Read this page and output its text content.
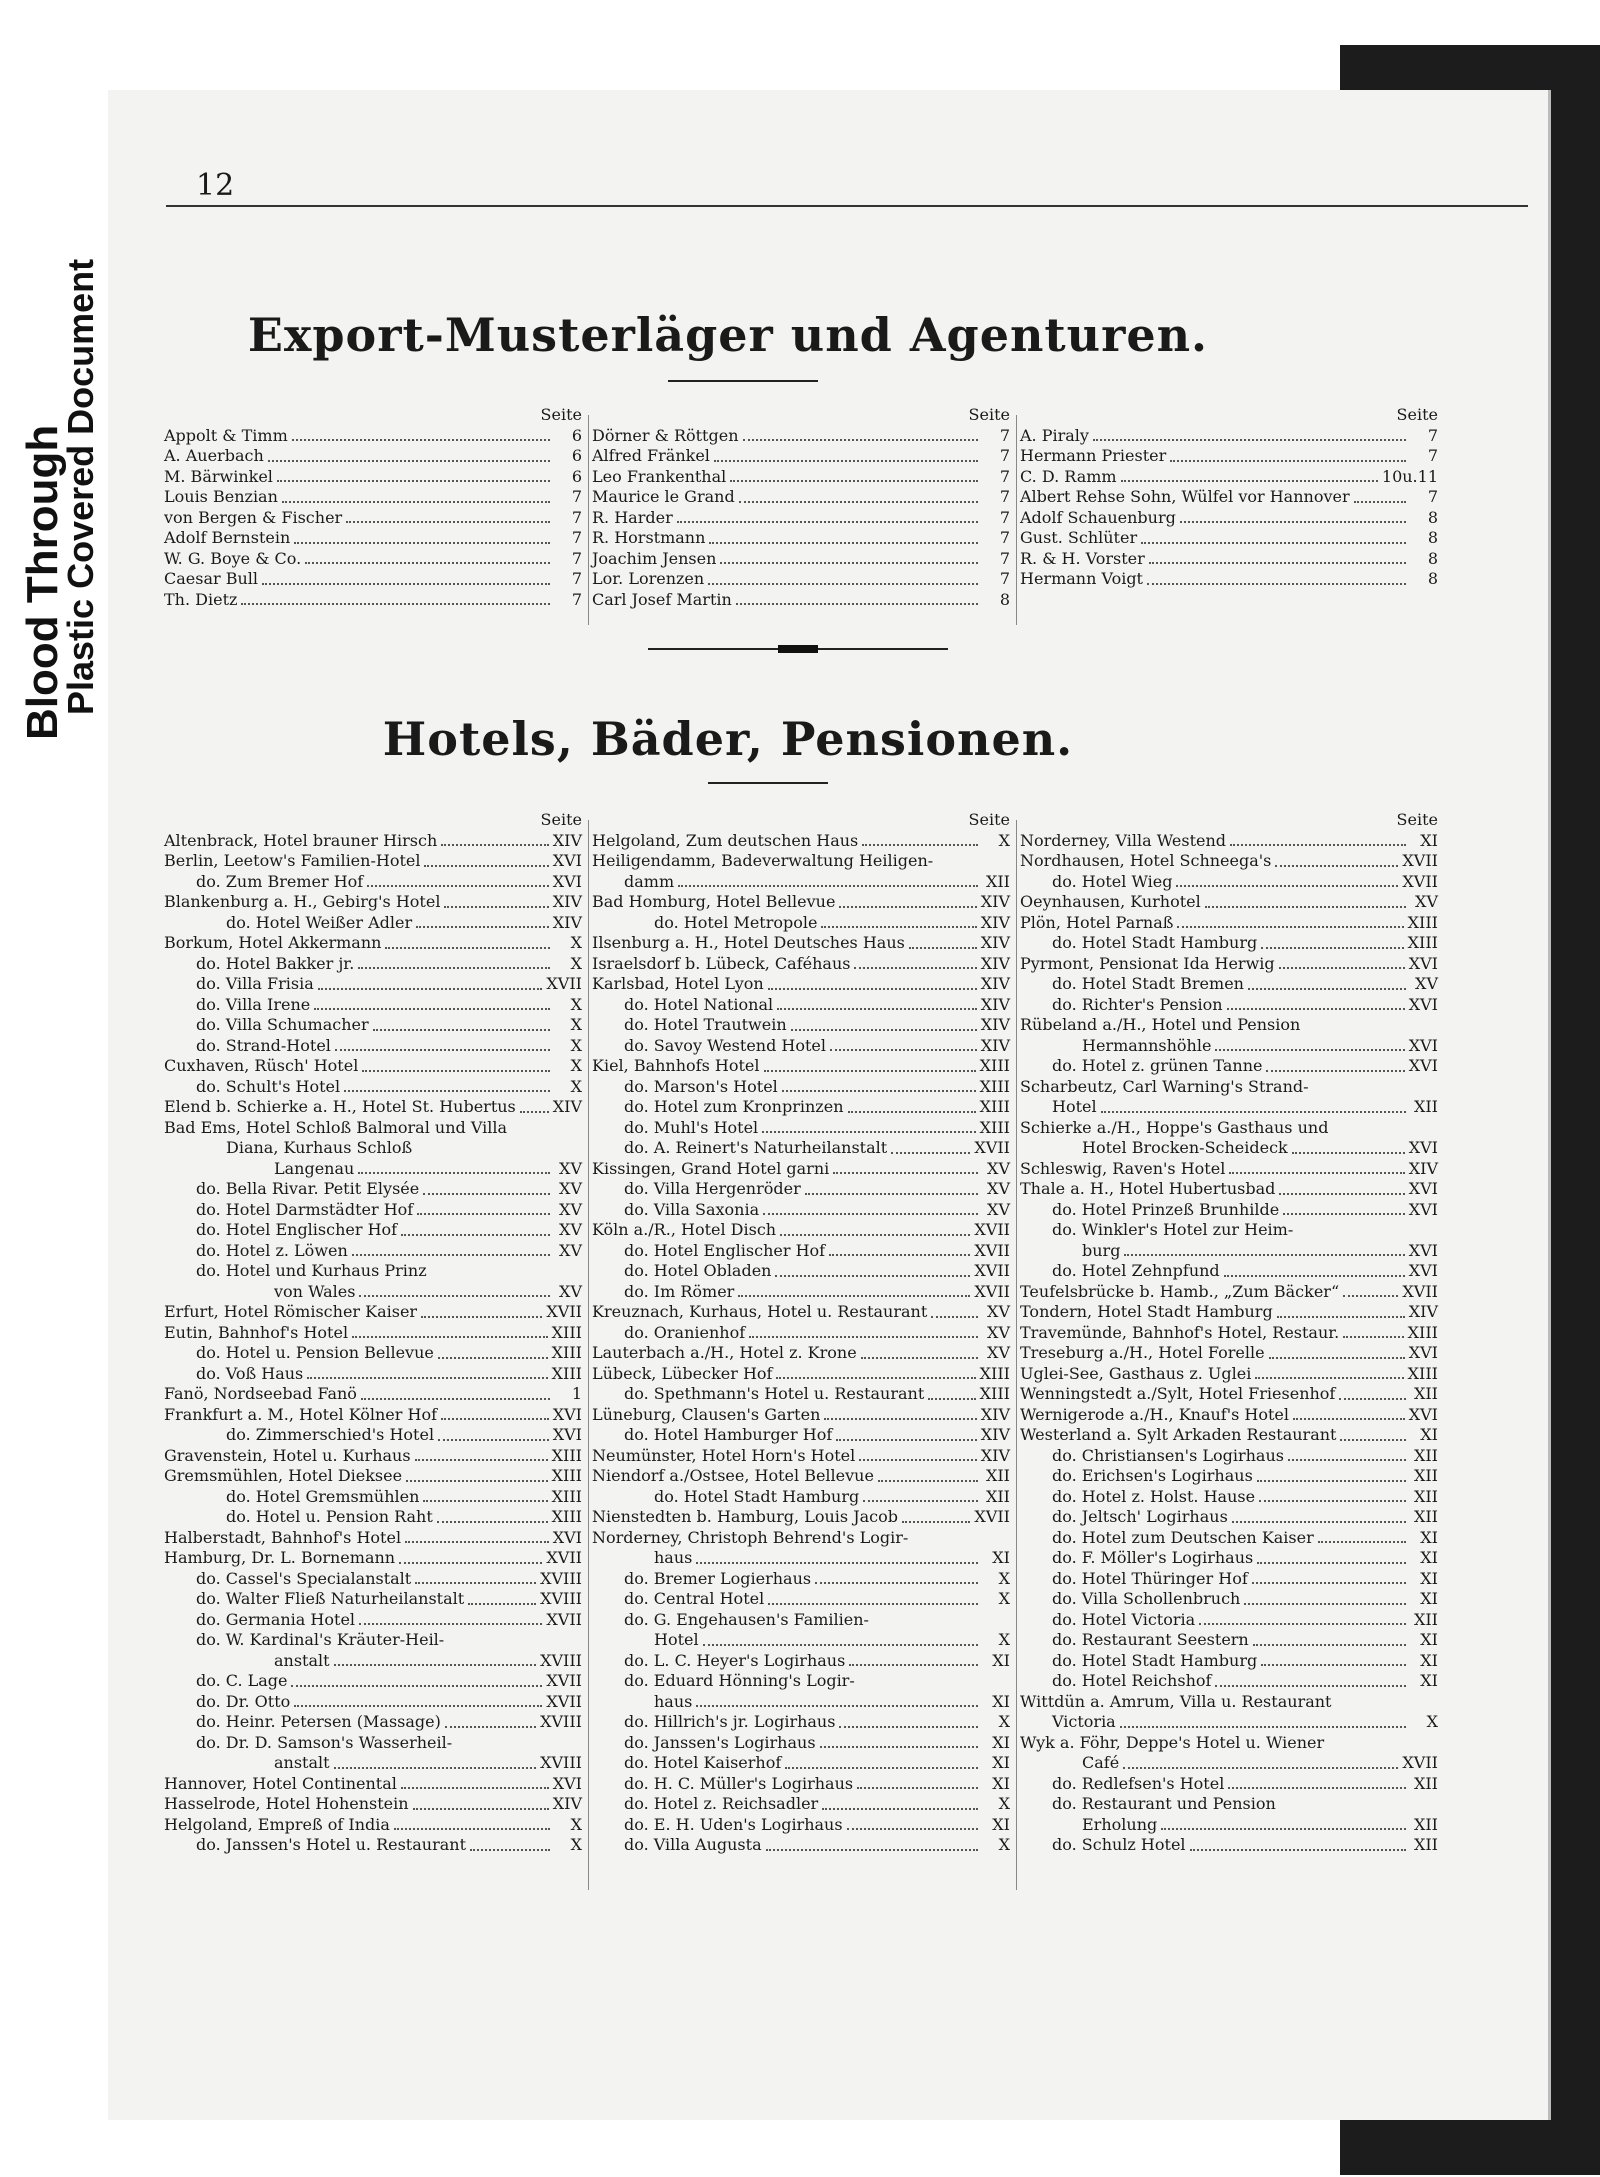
Blood Through
Plastic Covered Document
12
Export-Musterläger und Agenturen.
Seite
Appolt & Timm	6
A. Auerbach	6
M. Bärwinkel	6
Louis Benzian	7
von Bergen & Fischer	7
Adolf Bernstein	7
W. G. Boye & Co.	7
Caesar Bull	7
Th. Dietz	7
Seite
Dörner & Röttgen	7
Alfred Fränkel	7
Leo Frankenthal	7
Maurice le Grand	7
R. Harder	7
R. Horstmann	7
Joachim Jensen	7
Lor. Lorenzen	7
Carl Josef Martin	8
Seite
A. Piraly	7
Hermann Priester	7
C. D. Ramm	10u.11
Albert Rehse Sohn, Wülfel vor Hannover	7
Adolf Schauenburg	8
Gust. Schlüter	8
R. & H. Vorster	8
Hermann Voigt	8
Hotels, Bäder, Pensionen.
Seite
Altenbrack, Hotel brauner Hirsch	XIV
Berlin, Leetow's Familien-Hotel	XVI
do. Zum Bremer Hof	XVI
Blankenburg a. H., Gebirg's Hotel	XIV
do. Hotel Weißer Adler	XIV
Borkum, Hotel Akkermann	X
do. Hotel Bakker jr.	X
do. Villa Frisia	XVII
do. Villa Irene	X
do. Villa Schumacher	X
do. Strand-Hotel	X
Cuxhaven, Rüsch' Hotel	X
do. Schult's Hotel	X
Elend b. Schierke a. H., Hotel St. Hubertus XIV
Bad Ems, Hotel Schloß Balmoral und Villa
Diana, Kurhaus Schloß
Langenau	XV
do. Bella Rivar. Petit Elysée	XV
do. Hotel Darmstädter Hof	XV
do. Hotel Englischer Hof	XV
do. Hotel z. Löwen	XV
do. Hotel und Kurhaus Prinz
von Wales	XV
Erfurt, Hotel Römischer Kaiser	XVII
Eutin, Bahnhof's Hotel	XIII
do. Hotel u. Pension Bellevue	XIII
do. Voß Haus	XIII
Fanö, Nordseebad Fanö	1
Frankfurt a. M., Hotel Kölner Hof	XVI
do. Zimmerschied's Hotel	XVI
Gravenstein, Hotel u. Kurhaus	XIII
Gremsmühlen, Hotel Dieksee	XIII
do. Hotel Gremsmühlen	XIII
do. Hotel u. Pension Raht	XIII
Halberstadt, Bahnhof's Hotel	XVI
Hamburg, Dr. L. Bornemann	XVII
do. Cassel's Specialanstalt	XVIII
do. Walter Fließ Naturheilanstalt	XVIII
do. Germania Hotel	XVII
do. W. Kardinal's Kräuter-Heil-
anstalt	XVIII
do. C. Lage	XVII
do. Dr. Otto	XVII
do. Heinr. Petersen (Massage)	XVIII
do. Dr. D. Samson's Wasserheil-
anstalt	XVIII
Hannover, Hotel Continental	XVI
Hasselrode, Hotel Hohenstein	XIV
Helgoland, Empreß of India	X
do. Janssen's Hotel u. Restaurant	X
Seite
Helgoland, Zum deutschen Haus	X
Heiligendamm, Badeverwaltung Heiligen-
damm	XII
Bad Homburg, Hotel Bellevue	XIV
do. Hotel Metropole	XIV
Ilsenburg a. H., Hotel Deutsches Haus	XIV
Israelsdorf b. Lübeck, Caféhaus	XIV
Karlsbad, Hotel Lyon	XIV
do. Hotel National	XIV
do. Hotel Trautwein	XIV
do. Savoy Westend Hotel	XIV
Kiel, Bahnhofs Hotel	XIII
do. Marson's Hotel	XIII
do. Hotel zum Kronprinzen	XIII
do. Muhl's Hotel	XIII
do. A. Reinert's Naturheilanstalt	XVII
Kissingen, Grand Hotel garni	XV
do. Villa Hergenröder	XV
do. Villa Saxonia	XV
Köln a./R., Hotel Disch	XVII
do. Hotel Englischer Hof	XVII
do. Hotel Obladen	XVII
do. Im Römer	XVII
Kreuznach, Kurhaus, Hotel u. Restaurant	XV
do. Oranienhof	XV
Lauterbach a./H., Hotel z. Krone	XV
Lübeck, Lübecker Hof	XIII
do. Spethmann's Hotel u. Restaurant	XIII
Lüneburg, Clausen's Garten	XIV
do. Hotel Hamburger Hof	XIV
Neumünster, Hotel Horn's Hotel	XIV
Niendorf a./Ostsee, Hotel Bellevue	XII
do. Hotel Stadt Hamburg	XII
Nienstedten b. Hamburg, Louis Jacob	XVII
Norderney, Christoph Behrend's Logir-
haus	XI
do. Bremer Logierhaus	X
do. Central Hotel	X
do. G. Engehausen's Familien-
Hotel	X
do. L. C. Heyer's Logirhaus	XI
do. Eduard Hönning's Logir-
haus	XI
do. Hillrich's jr. Logirhaus	X
do. Janssen's Logirhaus	XI
do. Hotel Kaiserhof	XI
do. H. C. Müller's Logirhaus	XI
do. Hotel z. Reichsadler	X
do. E. H. Uden's Logirhaus	XI
do. Villa Augusta	X
Seite
Norderney, Villa Westend	XI
Nordhausen, Hotel Schneega's	XVII
do. Hotel Wieg	XVII
Oeynhausen, Kurhotel	XV
Plön, Hotel Parnaß	XIII
do. Hotel Stadt Hamburg	XIII
Pyrmont, Pensionat Ida Herwig	XVI
do. Hotel Stadt Bremen	XV
do. Richter's Pension	XVI
Rübeland a./H., Hotel und Pension
Hermannshöhle	XVI
do. Hotel z. grünen Tanne	XVI
Scharbeutz, Carl Warning's Strand-
Hotel	XII
Schierke a./H., Hoppe's Gasthaus und
Hotel Brocken-Scheideck	XVI
Schleswig, Raven's Hotel	XIV
Thale a. H., Hotel Hubertusbad	XVI
do. Hotel Prinzeß Brunhilde	XVI
do. Winkler's Hotel zur Heim-
burg	XVI
do. Hotel Zehnpfund	XVI
Teufelsbrücke b. Hamb., „Zum Bäcker“	XVII
Tondern, Hotel Stadt Hamburg	XIV
Travemünde, Bahnhof's Hotel, Restaur.	XIII
Treseburg a./H., Hotel Forelle	XVI
Uglei-See, Gasthaus z. Uglei	XIII
Wenningstedt a./Sylt, Hotel Friesenhof	XII
Wernigerode a./H., Knauf's Hotel	XVI
Westerland a. Sylt Arkaden Restaurant	XI
do. Christiansen's Logirhaus	XII
do. Erichsen's Logirhaus	XII
do. Hotel z. Holst. Hause	XII
do. Jeltsch' Logirhaus	XII
do. Hotel zum Deutschen Kaiser	XI
do. F. Möller's Logirhaus	XI
do. Hotel Thüringer Hof	XI
do. Villa Schollenbruch	XI
do. Hotel Victoria	XII
do. Restaurant Seestern	XI
do. Hotel Stadt Hamburg	XI
do. Hotel Reichshof	XI
Wittdün a. Amrum, Villa u. Restaurant
Victoria	X
Wyk a. Föhr, Deppe's Hotel u. Wiener
Café	XVII
do. Redlefsen's Hotel	XII
do. Restaurant und Pension
Erholung	XII
do. Schulz Hotel	XII
